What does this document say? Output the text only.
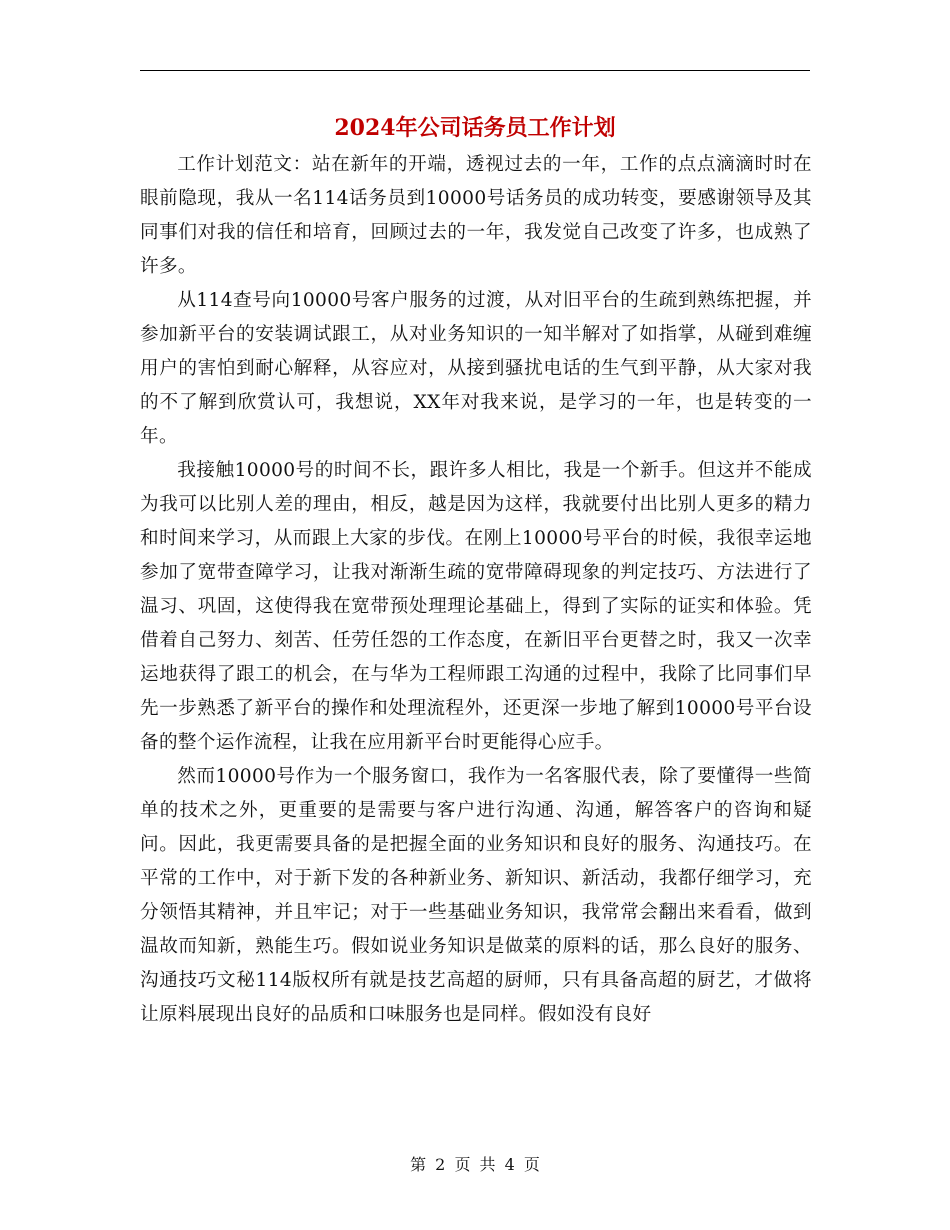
2024年公司话务员工作计划

工作计划范文：站在新年的开端，透视过去的一年，工作的点点滴滴时时在眼前隐现，我从一名114话务员到10000号话务员的成功转变，要感谢领导及其同事们对我的信任和培育，回顾过去的一年，我发觉自己改变了许多，也成熟了许多。

从114查号向10000号客户服务的过渡，从对旧平台的生疏到熟练把握，并参加新平台的安装调试跟工，从对业务知识的一知半解对了如指掌，从碰到难缠用户的害怕到耐心解释，从容应对，从接到骚扰电话的生气到平静，从大家对我的不了解到欣赏认可，我想说，XX年对我来说，是学习的一年，也是转变的一年。

我接触10000号的时间不长，跟许多人相比，我是一个新手。但这并不能成为我可以比别人差的理由，相反，越是因为这样，我就要付出比别人更多的精力和时间来学习，从而跟上大家的步伐。在刚上10000号平台的时候，我很幸运地参加了宽带查障学习，让我对渐渐生疏的宽带障碍现象的判定技巧、方法进行了温习、巩固，这使得我在宽带预处理理论基础上，得到了实际的证实和体验。凭借着自己努力、刻苦、任劳任怨的工作态度，在新旧平台更替之时，我又一次幸运地获得了跟工的机会，在与华为工程师跟工沟通的过程中，我除了比同事们早先一步熟悉了新平台的操作和处理流程外，还更深一步地了解到10000号平台设备的整个运作流程，让我在应用新平台时更能得心应手。

然而10000号作为一个服务窗口，我作为一名客服代表，除了要懂得一些简单的技术之外，更重要的是需要与客户进行沟通、沟通，解答客户的咨询和疑问。因此，我更需要具备的是把握全面的业务知识和良好的服务、沟通技巧。在平常的工作中，对于新下发的各种新业务、新知识、新活动，我都仔细学习，充分领悟其精神，并且牢记；对于一些基础业务知识，我常常会翻出来看看，做到温故而知新，熟能生巧。假如说业务知识是做菜的原料的话，那么良好的服务、沟通技巧文秘114版权所有就是技艺高超的厨师，只有具备高超的厨艺，才做将让原料展现出良好的品质和口味服务也是同样。假如没有良好

第 2 页 共 4 页
